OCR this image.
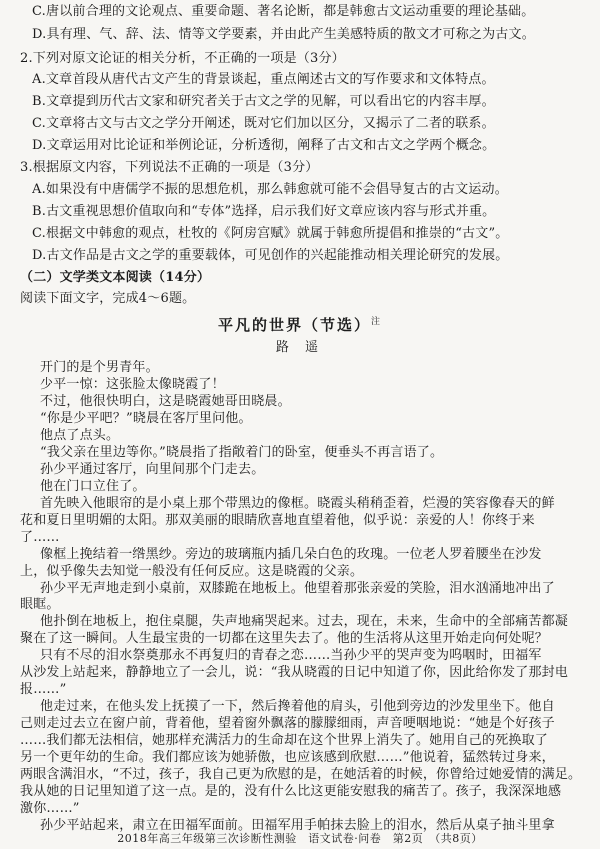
C.唐以前合理的文论观点、重要命题、著名论断，都是韩愈古文运动重要的理论基础。
D.具有理、气、辞、法、情等文学要素，并由此产生美感特质的散文才可称之为古文。
2.下列对原文论证的相关分析，不正确的一项是（3分）
A.文章首段从唐代古文产生的背景谈起，重点阐述古文的写作要求和文体特点。
B.文章提到历代古文家和研究者关于古文之学的见解，可以看出它的内容丰厚。
C.文章将古文与古文之学分开阐述，既对它们加以区分，又揭示了二者的联系。
D.文章运用对比论证和举例论证，分析透彻，阐释了古文和古文之学两个概念。
3.根据原文内容，下列说法不正确的一项是（3分）
A.如果没有中唐儒学不振的思想危机，那么韩愈就可能不会倡导复古的古文运动。
B.古文重视思想价值取向和“专体”选择，启示我们好文章应该内容与形式并重。
C.根据文中韩愈的观点，杜牧的《阿房宫赋》就属于韩愈所提倡和推崇的“古文”。
D.古文作品是古文之学的重要载体，可见创作的兴起能推动相关理论研究的发展。
（二）文学类文本阅读（14分）
阅读下面文字，完成4～6题。
平凡的世界（节选）$^注$
路 遥
开门的是个男青年。
少平一惊：这张脸太像晓霞了！
不过，他很快明白，这是晓霞她哥田晓晨。
“你是少平吧？”晓晨在客厅里问他。
他点了点头。
“我父亲在里边等你。”晓晨指了指敞着门的卧室，便垂头不再言语了。
孙少平通过客厅，向里间那个门走去。
他在门口立住了。
首先映入他眼帘的是小桌上那个带黑边的像框。晓霞头稍稍歪着，烂漫的笑容像春天的鲜
花和夏日里明媚的太阳。那双美丽的眼睛欣喜地直望着他，似乎说：亲爱的人！你终于来
了……
像框上挽结着一绺黑纱。旁边的玻璃瓶内插几朵白色的玫瑰。一位老人罗着腰坐在沙发
上，似乎像失去知觉一般没有任何反应。这是晓霞的父亲。
孙少平无声地走到小桌前，双膝跪在地板上。他望着那张亲爱的笑脸，泪水汹涌地冲出了
眼眶。
他扑倒在地板上，抱住桌腿，失声地痛哭起来。过去，现在，未来，生命中的全部痛苦都凝
聚在了这一瞬间。人生最宝贵的一切都在这里失去了。他的生活将从这里开始走向何处呢？
只有不尽的泪水祭奠那永不再复归的青春之恋……当孙少平的哭声变为呜咽时，田福军
从沙发上站起来，静静地立了一会儿，说：“我从晓霞的日记中知道了你，因此给你发了那封电
报……”
他走过来，在他头发上抚摸了一下，然后搀着他的肩头，引他到旁边的沙发里坐下。他自
己则走过去立在窗户前，背着他，望着窗外飘落的朦朦细雨，声音哽咽地说：“她是个好孩子
……我们都无法相信，她那样充满活力的生命却在这个世界上消失了。她用自己的死换取了
另一个更年幼的生命。我们都应该为她骄傲，也应该感到欣慰……”他说着，猛然转过身来，
两眼含满泪水，“不过，孩子，我自己更为欣慰的是，在她活着的时候，你曾给过她爱情的满足。
我从她的日记里知道了这一点。是的，没有什么比这更能安慰我的痛苦了。孩子，我深深地感
激你……”
孙少平站起来，肃立在田福军面前。田福军用手帕抹去脸上的泪水，然后从桌子抽斗里拿
2018年高三年级第三次诊断性测验　语文试卷·问卷　第2页　（共8页）
